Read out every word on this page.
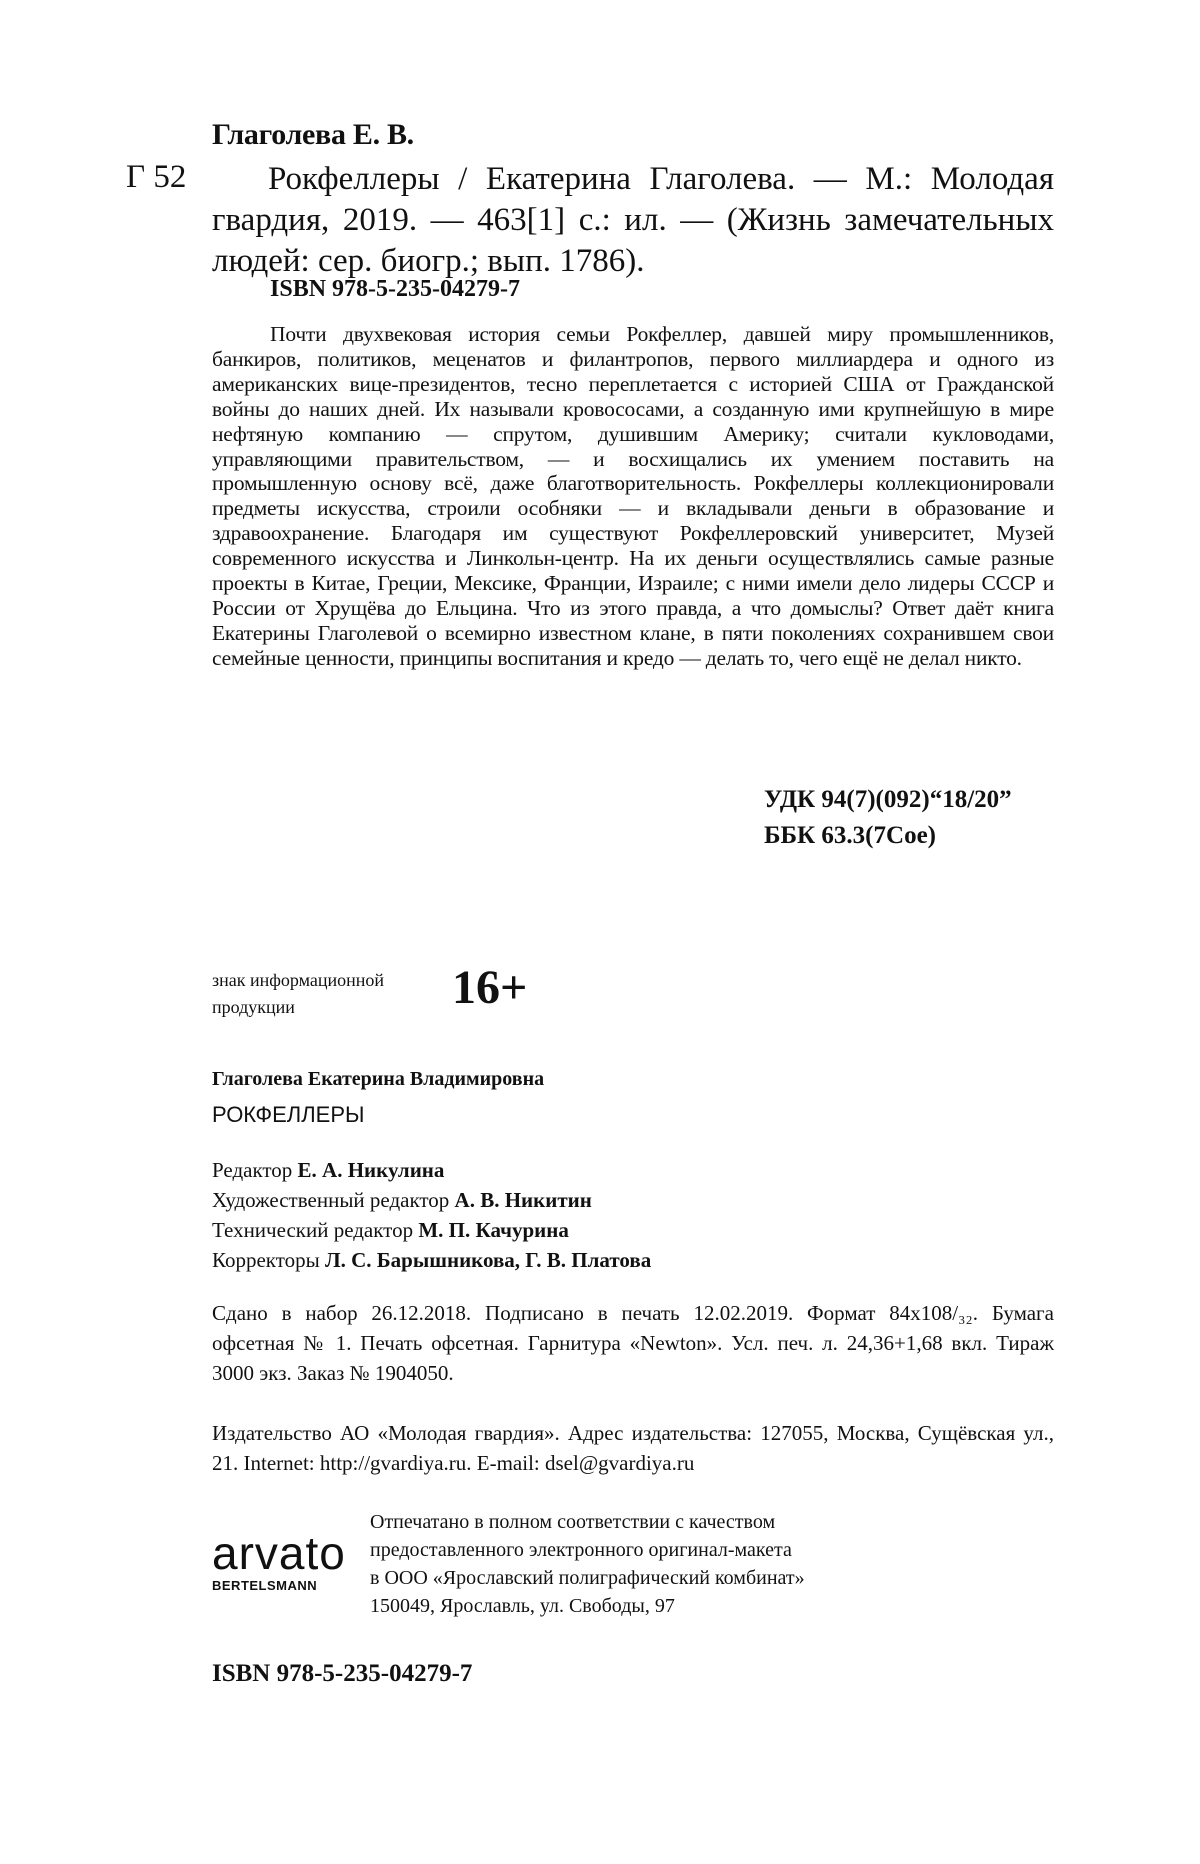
Глаголева Е. В.
Г 52	Рокфеллеры / Екатерина Глаголева. — М.: Молодая гвардия, 2019. — 463[1] с.: ил. — (Жизнь замечательных людей: сер. биогр.; вып. 1786).
ISBN 978-5-235-04279-7
Почти двухвековая история семьи Рокфеллер, давшей миру промышленников, банкиров, политиков, меценатов и филантропов, первого миллиардера и одного из американских вице-президентов, тесно переплетается с историей США от Гражданской войны до наших дней. Их называли кровососами, а созданную ими крупнейшую в мире нефтяную компанию — спрутом, душившим Америку; считали кукловодами, управляющими правительством, — и восхищались их умением поставить на промышленную основу всё, даже благотворительность. Рокфеллеры коллекционировали предметы искусства, строили особняки — и вкладывали деньги в образование и здравоохранение. Благодаря им существуют Рокфеллеровский университет, Музей современного искусства и Линкольн-центр. На их деньги осуществлялись самые разные проекты в Китае, Греции, Мексике, Франции, Израиле; с ними имели дело лидеры СССР и России от Хрущёва до Ельцина. Что из этого правда, а что домыслы? Ответ даёт книга Екатерины Глаголевой о всемирно известном клане, в пяти поколениях сохранившем свои семейные ценности, принципы воспитания и кредо — делать то, чего ещё не делал никто.
УДК 94(7)(092)“18/20”
ББК 63.3(7Сое)
знак информационной
продукции	16+
Глаголева Екатерина Владимировна
РОКФЕЛЛЕРЫ
Редактор Е. А. Никулина
Художественный редактор А. В. Никитин
Технический редактор М. П. Качурина
Корректоры Л. С. Барышникова, Г. В. Платова
Сдано в набор 26.12.2018. Подписано в печать 12.02.2019. Формат 84x108/₃₂. Бумага офсетная № 1. Печать офсетная. Гарнитура «Newton». Усл. печ. л. 24,36+1,68 вкл. Тираж 3000 экз. Заказ № 1904050.
Издательство АО «Молодая гвардия». Адрес издательства: 127055, Москва, Сущёвская ул., 21. Internet: http://gvardiya.ru. E-mail: dsel@gvardiya.ru
arvato
BERTELSMANN
Отпечатано в полном соответствии с качеством
предоставленного электронного оригинал-макета
в ООО «Ярославский полиграфический комбинат»
150049, Ярославль, ул. Свободы, 97
ISBN 978-5-235-04279-7
